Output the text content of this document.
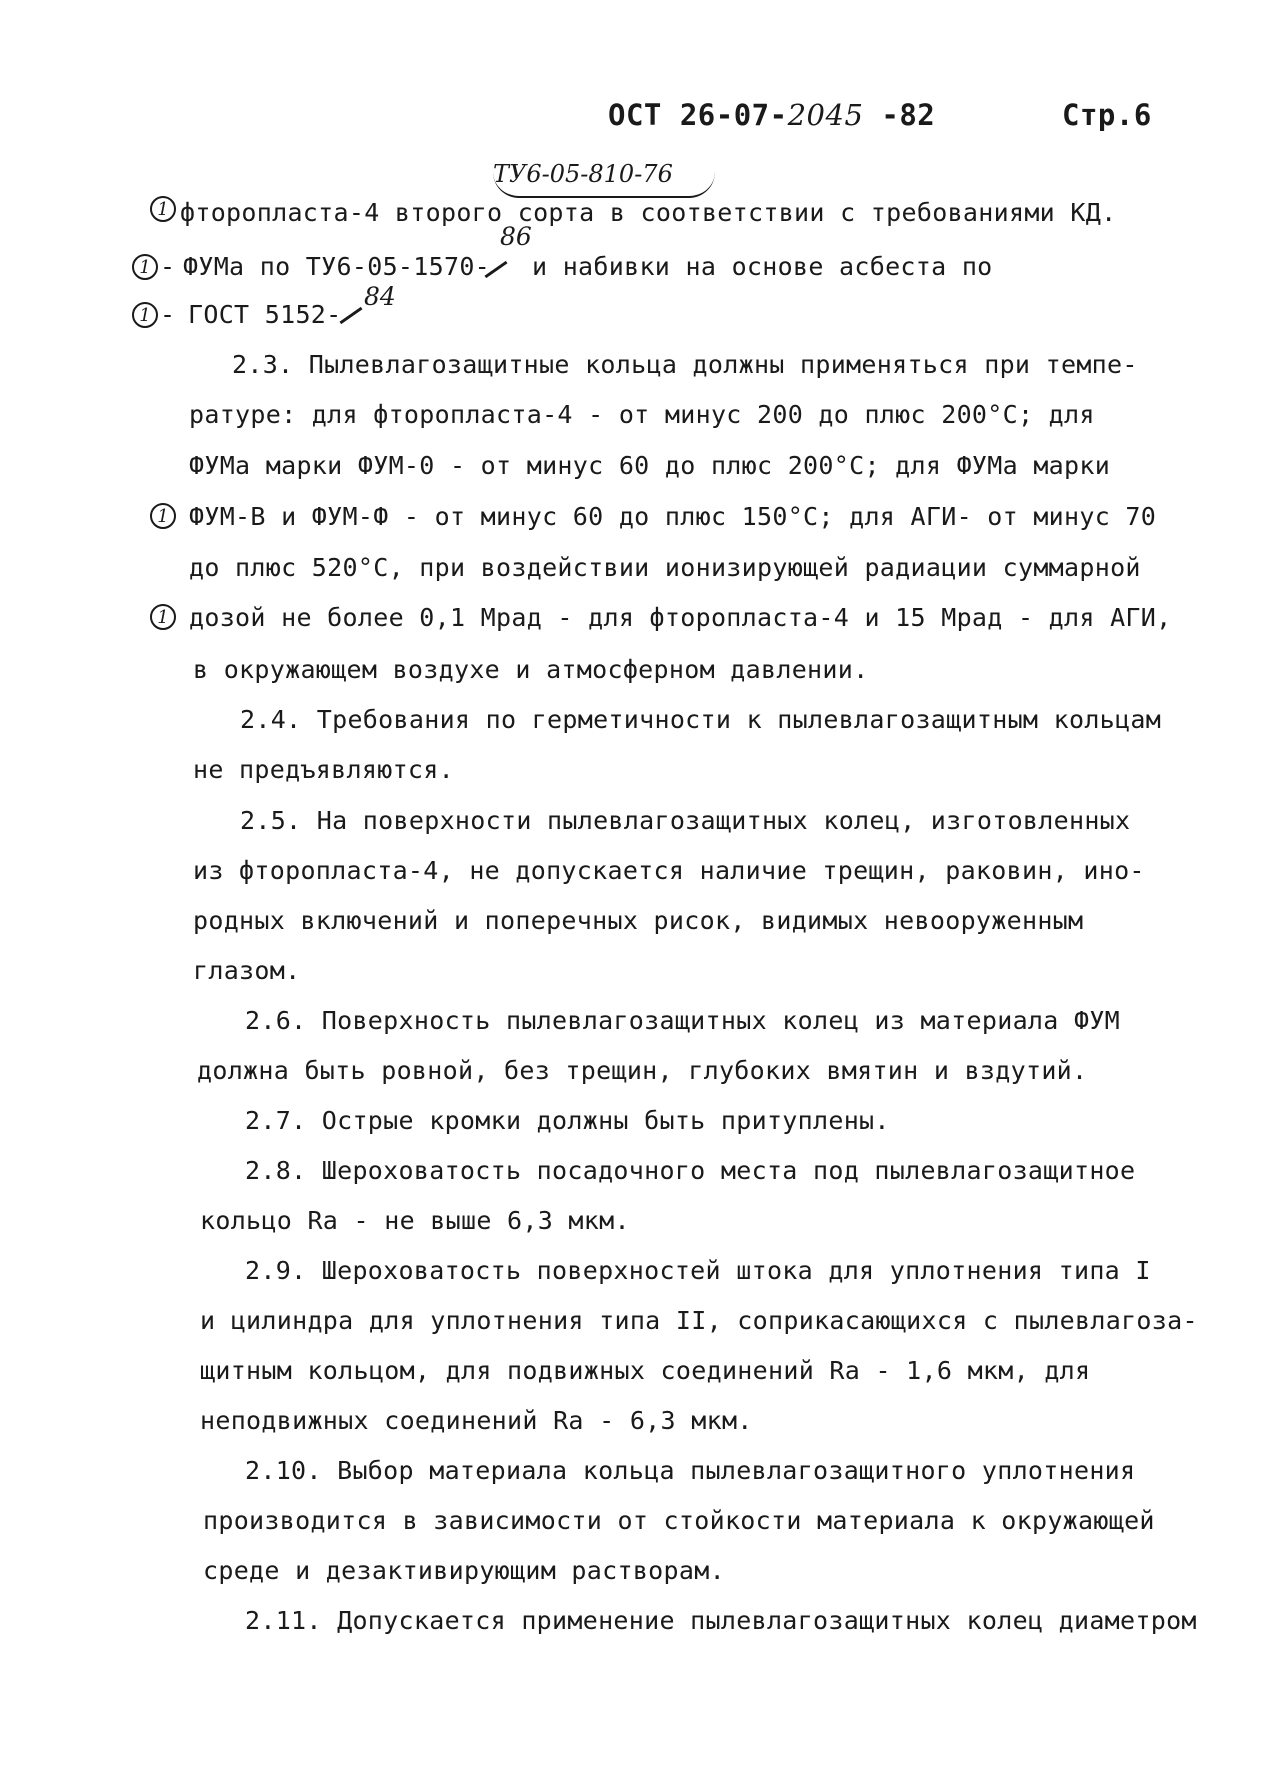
ОСТ 26-07-2045 -82	Стр.6
ТУ6-05-810-76
1
1 -
1 -
1
1
фторопласта-4 второго сорта в соответствии с требованиями КД.
ФУМа по ТУ6-05-1570-
86
и набивки на основе асбеста по
ГОСТ 5152-
84
2.3. Пылевлагозащитные кольца должны применяться при темпе-
ратуре: для фторопласта-4 - от минус 200 до плюс 200°С; для
ФУМа марки ФУМ-0 - от минус 60 до плюс 200°С; для ФУМа марки
ФУМ-В и ФУМ-Ф - от минус 60 до плюс 150°С; для АГИ- от минус 70
до плюс 520°С, при воздействии ионизирующей радиации суммарной
дозой не более 0,1 Мрад - для фторопласта-4 и 15 Мрад - для АГИ,
в окружающем воздухе и атмосферном давлении.
2.4. Требования по герметичности к пылевлагозащитным кольцам
не предъявляются.
2.5. На поверхности пылевлагозащитных колец, изготовленных
из фторопласта-4, не допускается наличие трещин, раковин, ино-
родных включений и поперечных рисок, видимых невооруженным
глазом.
2.6. Поверхность пылевлагозащитных колец из материала ФУМ
должна быть ровной, без трещин, глубоких вмятин и вздутий.
2.7. Острые кромки должны быть притуплены.
2.8. Шероховатость посадочного места под пылевлагозащитное
кольцо Rа - не выше 6,3 мкм.
2.9. Шероховатость поверхностей штока для уплотнения типа I
и цилиндра для уплотнения типа II, соприкасающихся с пылевлагоза-
щитным кольцом, для подвижных соединений Rа - 1,6 мкм, для
неподвижных соединений Rа - 6,3 мкм.
2.10. Выбор материала кольца пылевлагозащитного уплотнения
производится в зависимости от стойкости материала к окружающей
среде и дезактивирующим растворам.
2.11. Допускается применение пылевлагозащитных колец диаметром
